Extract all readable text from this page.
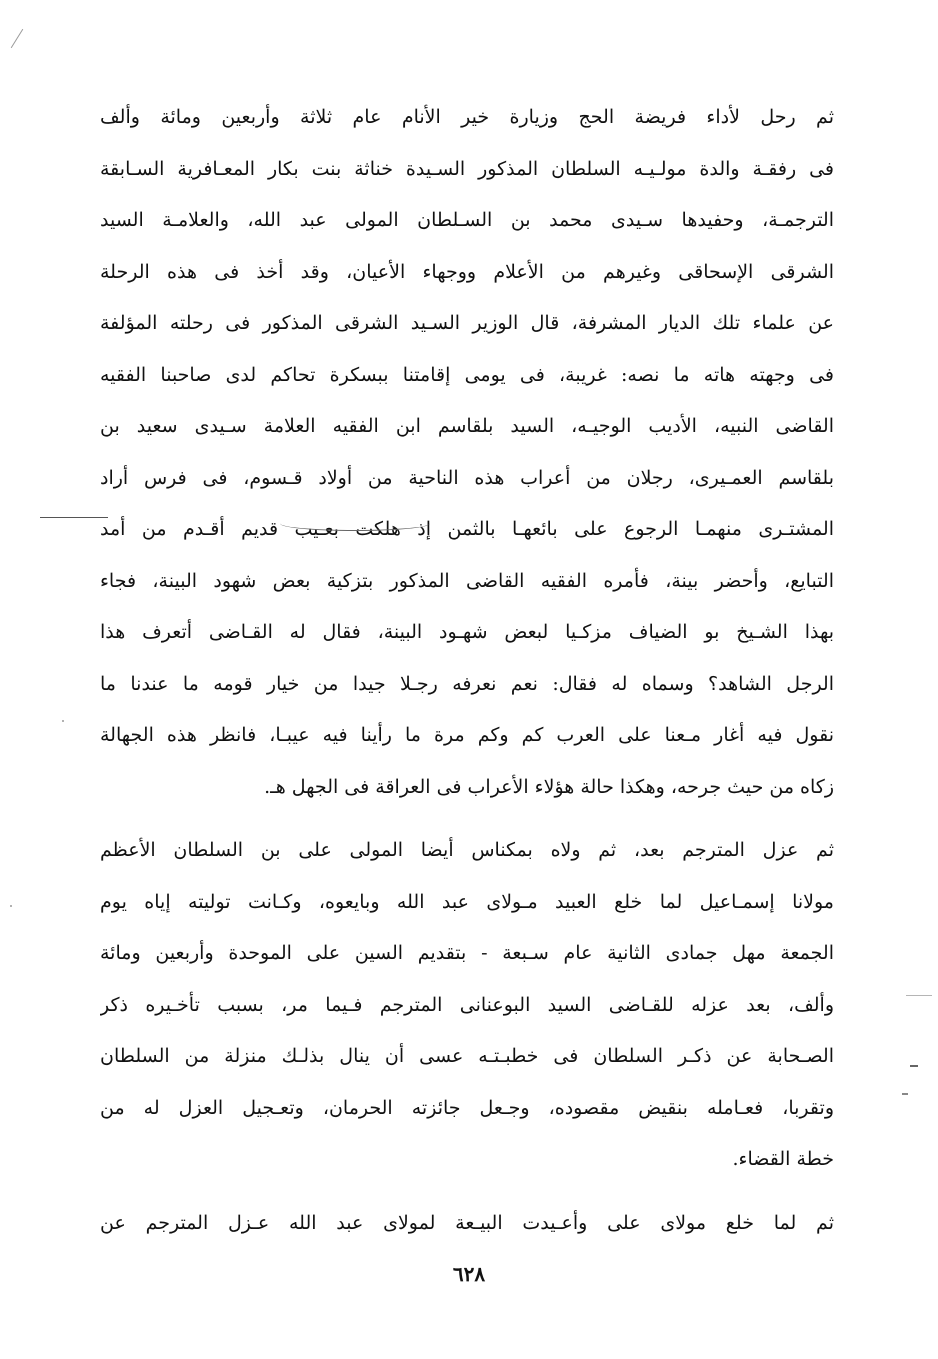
ثم رحل لأداء فريضة الحج وزيارة خير الأنام عام ثلاثة وأربعين ومائة وألف
فى رفقـة والدة مولـيـه السلطان المذكور السـيدة خناثة بنت بكار المعـافرية السـابقة
الترجمـة، وحفيدها سـيدى محمد بن السـلطان المولى عبد الله، والعلامـة السيد
الشرقى الإسحاقى وغيرهم من الأعلام ووجهاء الأعيان، وقد أخذ فى هذه الرحلة
عن علماء تلك الديار المشرفة، قال الوزير السـيد الشرقى المذكور فى رحلته المؤلفة
فى وجهته هاته ما نصه: غريبة، فى يومى إقامتنا ببسكرة تحاكم لدى صاحبنا الفقيه
القاضى النبيه، الأديب الوجيـه، السيد بلقاسم ابن الفقيه العلامة سـيدى سعيد بن
بلقاسم العمـيرى، رجلان من أعراب هذه الناحية من أولاد قـسوم، فى فرس أراد
المشتـرى منهمـا الرجوع على بائعهـا بالثمن إذ هلكت بعـيب قديم أقـدم من أمد
التبايع، وأحضر بينة، فأمره الفقيه القاضى المذكور بتزكية بعض شهود البينة، فجاء
بهذا الشـيخ بو الضياف مزكـيا لبعض شهـود البينة، فقال له القـاضى أتعرف هذا
الرجل الشاهد؟ وسماه له فقال: نعم نعرفه رجـلا جيدا من خيار قومه ما عندنا ما
نقول فيه أغار مـعنا على العرب كم وكم مرة ما رأينا فيه عيبـا، فانظر هذه الجهالة
زكاه من حيث جرحه، وهكذا حالة هؤلاء الأعراب فى العراقة فى الجهل هـ.
ثم عزل المترجم بعد، ثم ولاه بمكناس أيضا المولى على بن السلطان الأعظم
مولانا إسمـاعيل لما خلع العبيد مـولاى عبد الله وبايعوه، وكـانت توليته إياه يوم
الجمعة مهل جمادى الثانية عام سـبعة - بتقديم السين على الموحدة وأربعين ومائة
وألف، بعد عزله للقـاضى السيد البوعنانى المترجم فـيما مر، بسبب تأخـيره ذكر
الصـحابة عن ذكـر السلطان فى خطبـتـه عسى أن ينال بذلـك منزلة من السلطان
وتقربا، فعـامله بنقيض مقصوده، وجـعل جائزته الحرمان، وتعـجيل العزل له من
خطة القضاء.
ثم لما خلع مولاى على وأعـيدت البيـعة لمولاى عبد الله عـزل المترجم عن
٦٢٨
